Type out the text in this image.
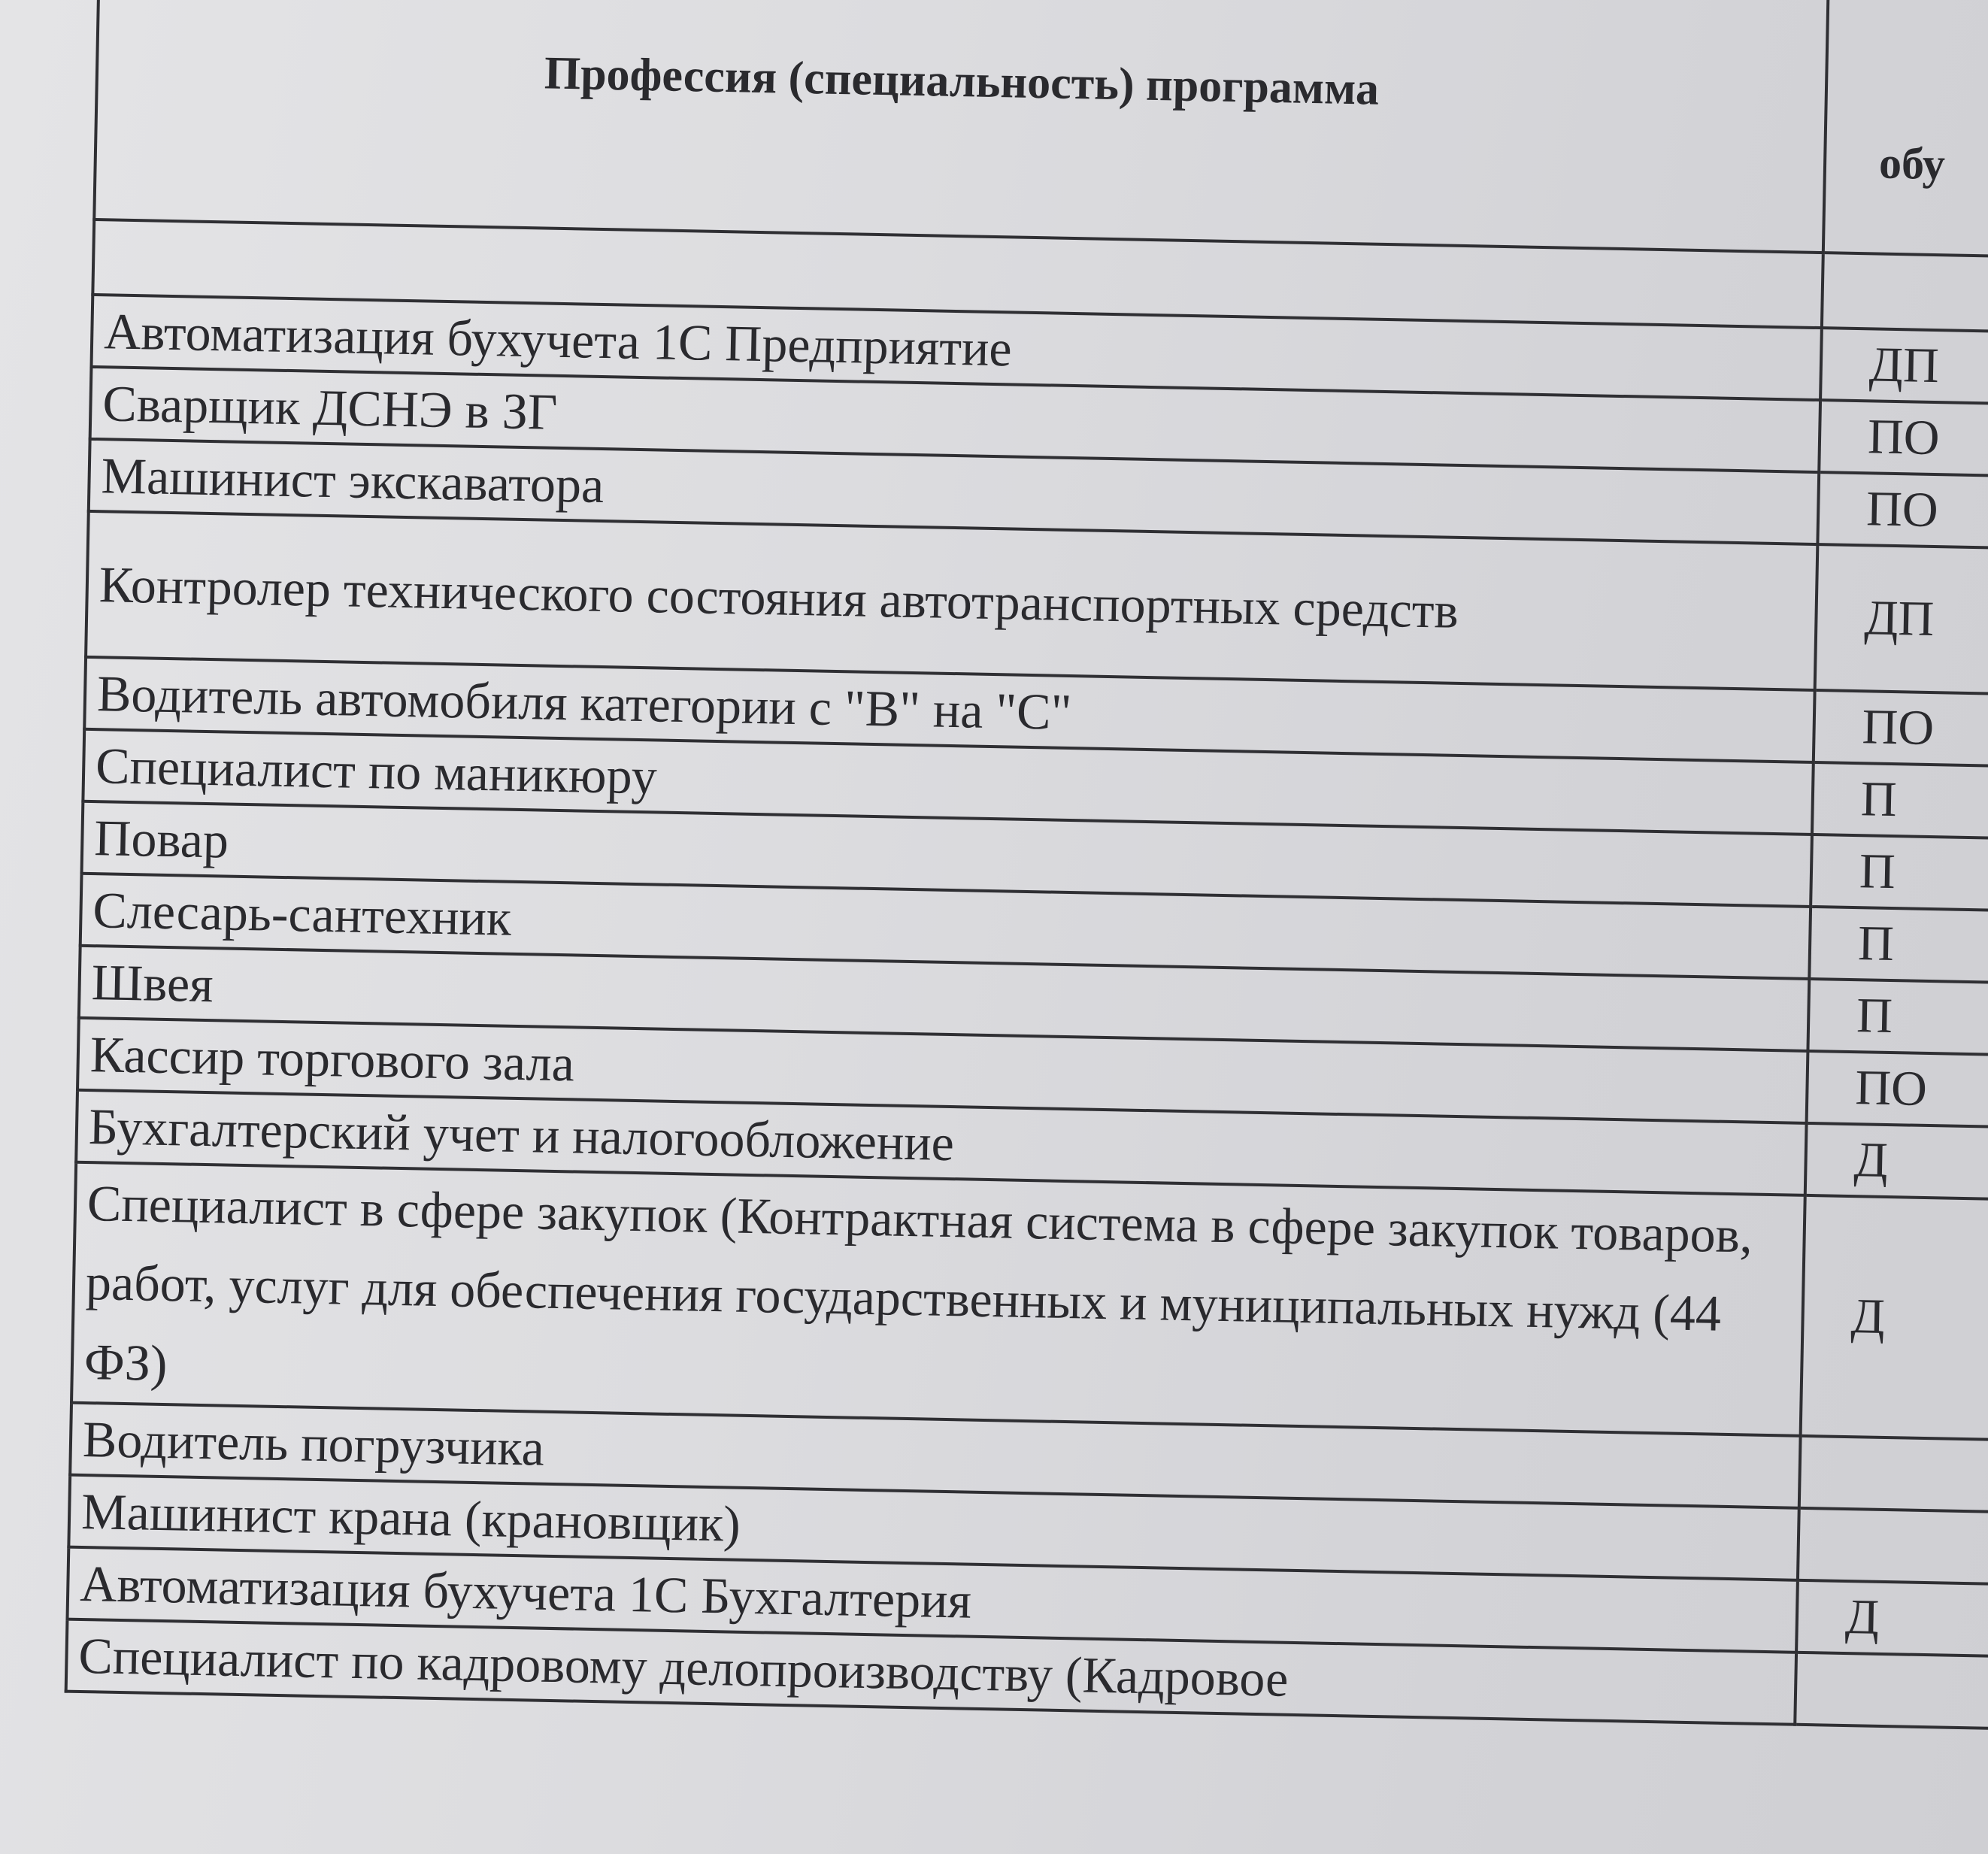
Профессия (специальность) программа	обу

Автоматизация бухучета 1С Предприятие	ДП
Сварщик ДСНЭ в ЗГ	ПО
Машинист экскаватора	ПО
Контролер технического состояния автотранспортных средств	ДП
Водитель автомобиля категории с "В" на "С"	ПО
Специалист по маникюру	П
Повар	П
Слесарь-сантехник	П
Швея	П
Кассир торгового зала	ПО
Бухгалтерский учет и налогообложение	Д
Специалист в сфере закупок (Контрактная система в сфере закупок товаров, работ, услуг для обеспечения государственных и муниципальных нужд (44 ФЗ)	Д
Водитель погрузчика	
Машинист крана (крановщик)	
Автоматизация бухучета 1С Бухгалтерия	Д
Специалист по кадровому делопроизводству (Кадровое	
